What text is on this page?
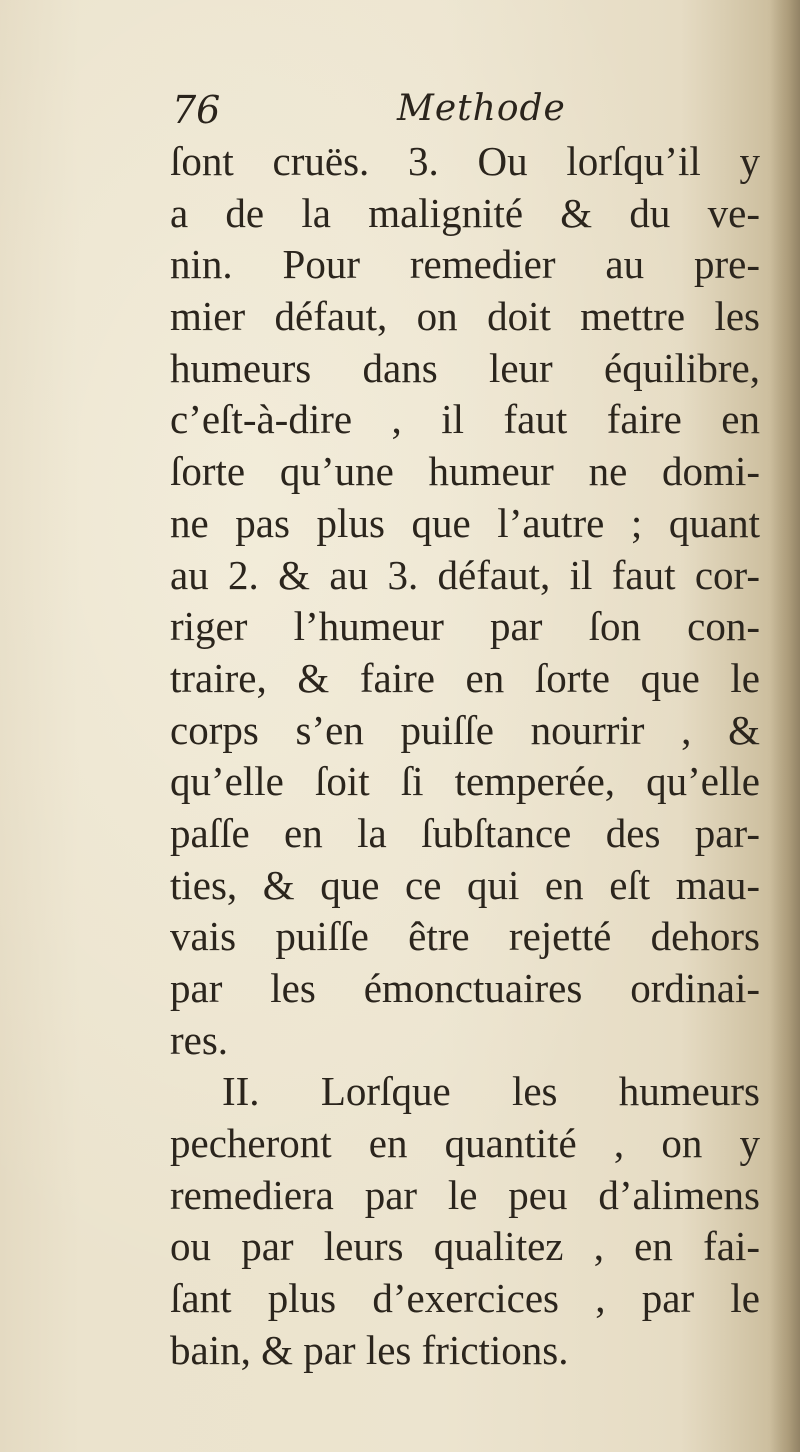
76	Methode
ſont cruës. 3. Ou lorſqu’il y
a de la malignité & du ve-
nin. Pour remedier au pre-
mier défaut, on doit mettre les
humeurs dans leur équilibre,
c’eſt-à-dire , il faut faire en
ſorte qu’une humeur ne domi-
ne pas plus que l’autre ; quant
au 2. & au 3. défaut, il faut cor-
riger l’humeur par ſon con-
traire, & faire en ſorte que le
corps s’en puiſſe nourrir , &
qu’elle ſoit ſi temperée, qu’elle
paſſe en la ſubſtance des par-
ties, & que ce qui en eſt mau-
vais puiſſe être rejetté dehors
par les émonctuaires ordinai-
res.
II. Lorſque les humeurs
pecheront en quantité , on y
remediera par le peu d’alimens
ou par leurs qualitez , en fai-
ſant plus d’exercices , par le
bain, & par les frictions.
